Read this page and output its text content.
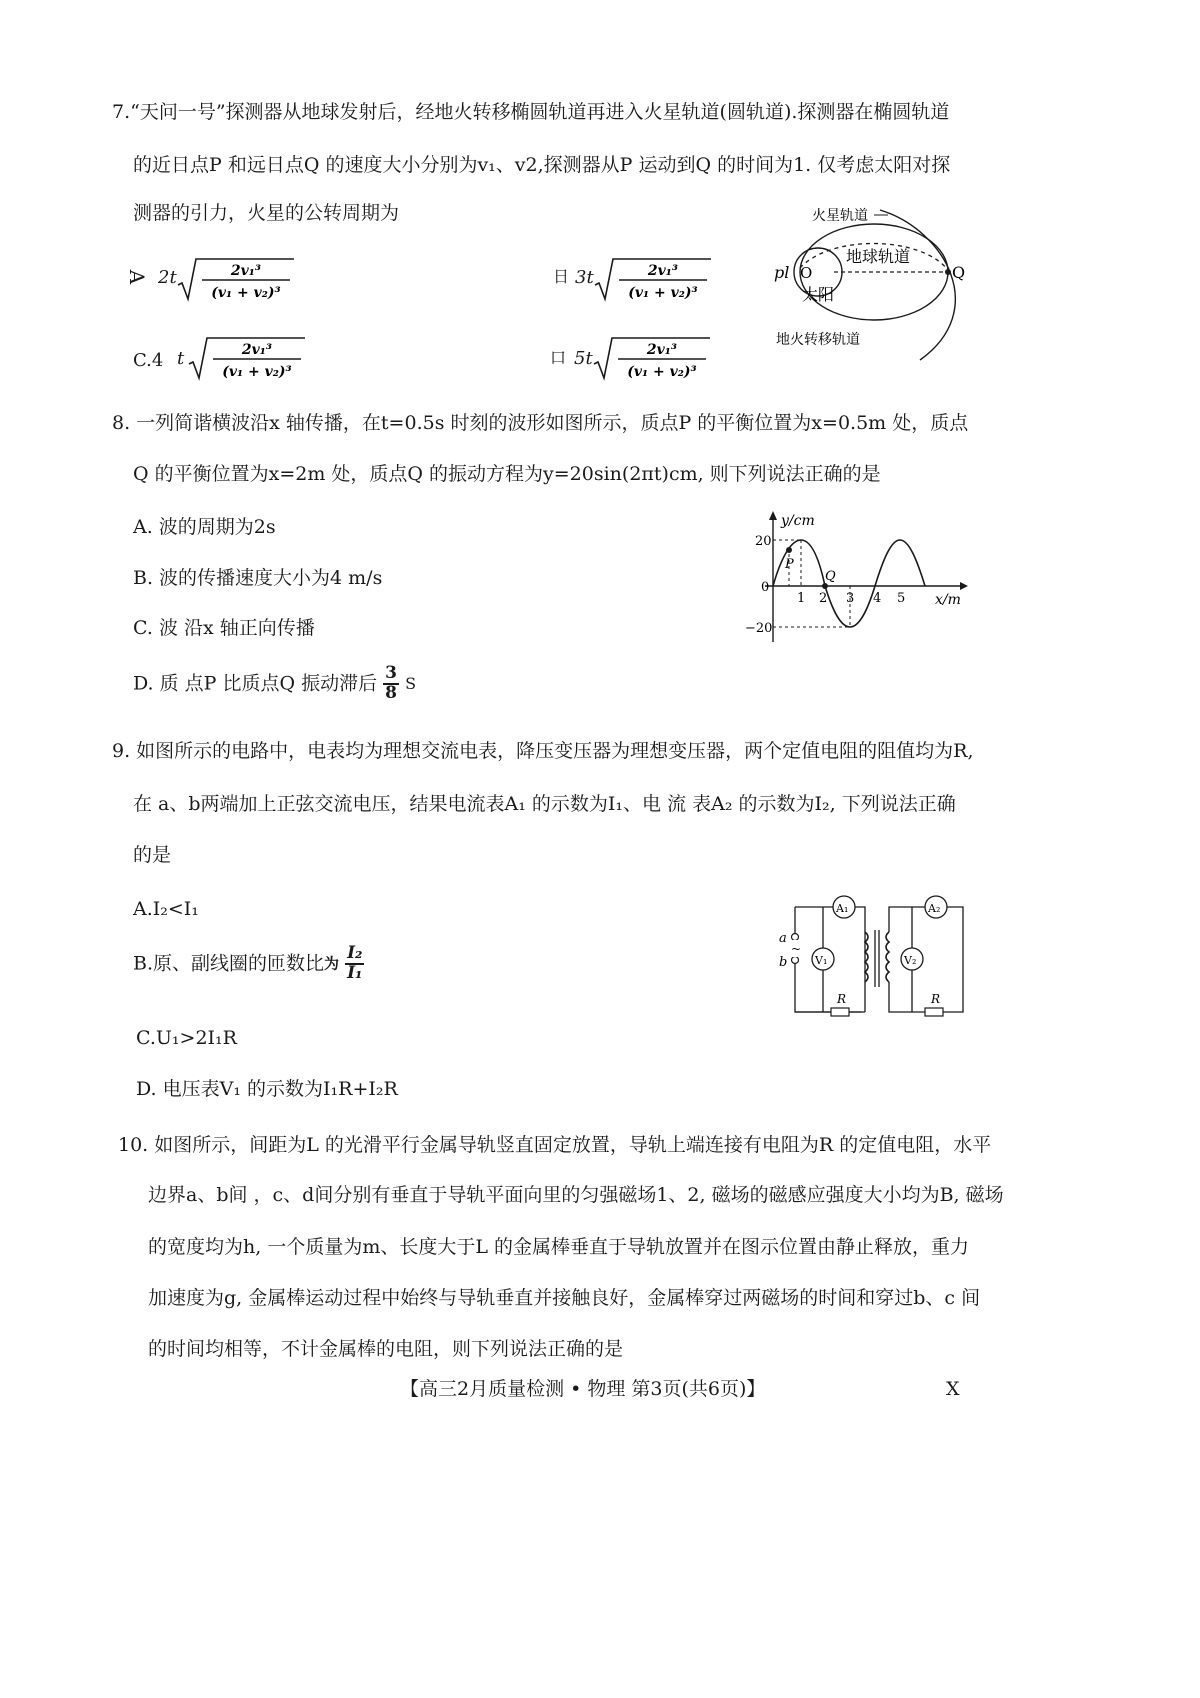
7.“天问一号”探测器从地球发射后，经地火转移椭圆轨道再进入火星轨道(圆轨道).探测器在椭圆轨道
的近日点P 和远日点Q 的速度大小分别为v₁、v2,探测器从P 运动到Q 的时间为1. 仅考虑太阳对探
测器的引力，火星的公转周期为
A 2t	2v₁³
(v₁ + v₂)³
日 3t	2v₁³
(v₁ + v₂)³
C.4 t	2v₁³
(v₁ + v₂)³
口 5t	2v₁³
(v₁ + v₂)³
火星轨道
地球轨道
pl O
太阳
Q
地火转移轨道
8. 一列简谐横波沿x 轴传播，在t=0.5s 时刻的波形如图所示，质点P 的平衡位置为x=0.5m 处，质点
Q 的平衡位置为x=2m 处，质点Q 的振动方程为y=20sin(2πt)cm, 则下列说法正确的是
A. 波的周期为2s
B. 波的传播速度大小为4 m/s
C. 波 沿x 轴正向传播
D. 质 点P 比质点Q 振动滞后 $\frac{3}{8}$ S
y/cm
x/m
P
Q
20
0
−20
1 2 3 4 5
9. 如图所示的电路中，电表均为理想交流电表，降压变压器为理想变压器，两个定值电阻的阻值均为R,
在 a、b两端加上正弦交流电压，结果电流表A₁ 的示数为I₁、电 流 表A₂ 的示数为I₂, 下列说法正确
的是
A.I₂<I₁
B.原、副线圈的匝数比为 $\frac{\text{I₂}}{\text{I₁}}$
C.U₁>2I₁R
D. 电压表V₁ 的示数为I₁R+I₂R
a
b
~
A₁
V₁
R
A₂
V₂
R
10. 如图所示，间距为L 的光滑平行金属导轨竖直固定放置，导轨上端连接有电阻为R 的定值电阻，水平
边界a、b间 ，c、d间分别有垂直于导轨平面向里的匀强磁场1、2, 磁场的磁感应强度大小均为B, 磁场
的宽度均为h, 一个质量为m、长度大于L 的金属棒垂直于导轨放置并在图示位置由静止释放，重力
加速度为g, 金属棒运动过程中始终与导轨垂直并接触良好，金属棒穿过两磁场的时间和穿过b、c 间
的时间均相等，不计金属棒的电阻，则下列说法正确的是
【高三2月质量检测 • 物理 第3页(共6页)】	X
